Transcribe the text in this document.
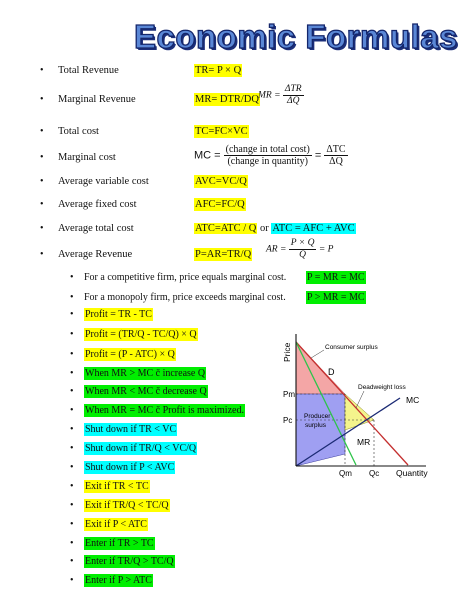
Economic Formulas
• Total Revenue	TR= P × Q
• Marginal Revenue	MR= DTR/DQ MR = $\frac{\text{ΔTR}}{\Delta Q}$
• Total cost	TC=FC×VC
• Marginal cost	MC = $\frac{\text{(change in total cost)}}{\text{(change in quantity)}} = \frac{\text{ΔTC}}{\Delta Q}$
• Average variable cost	AVC=VC/Q
• Average fixed cost	AFC=FC/Q
• Average total cost	ATC=ATC / Q or ATC = AFC + AVC
• Average Revenue	P=AR=TR/Q AR = $\frac{P \times Q}{Q} = P$
• For a competitive firm, price equals marginal cost. P = MR = MC
• For a monopoly firm, price exceeds marginal cost. P > MR = MC
• Profit = TR - TC
• Profit = (TR/Q - TC/Q) × Q
• Profit = (P - ATC) × Q
• When MR > MC č increase Q
• When MR < MC č decrease Q
• When MR = MC č Profit is maximized.
• Shut down if TR < VC
• Shut down if TR/Q < VC/Q
• Shut down if P < AVC
• Exit if TR < TC
• Exit if TR/Q < TC/Q
• Exit if P < ATC
• Enter if TR > TC
• Enter if TR/Q > TC/Q
• Enter if P > ATC
Price
Quantity
Consumer surplus
Deadweight loss
Producer
surplus
D
MC
MR
Pm
Pc
Qm Qc
